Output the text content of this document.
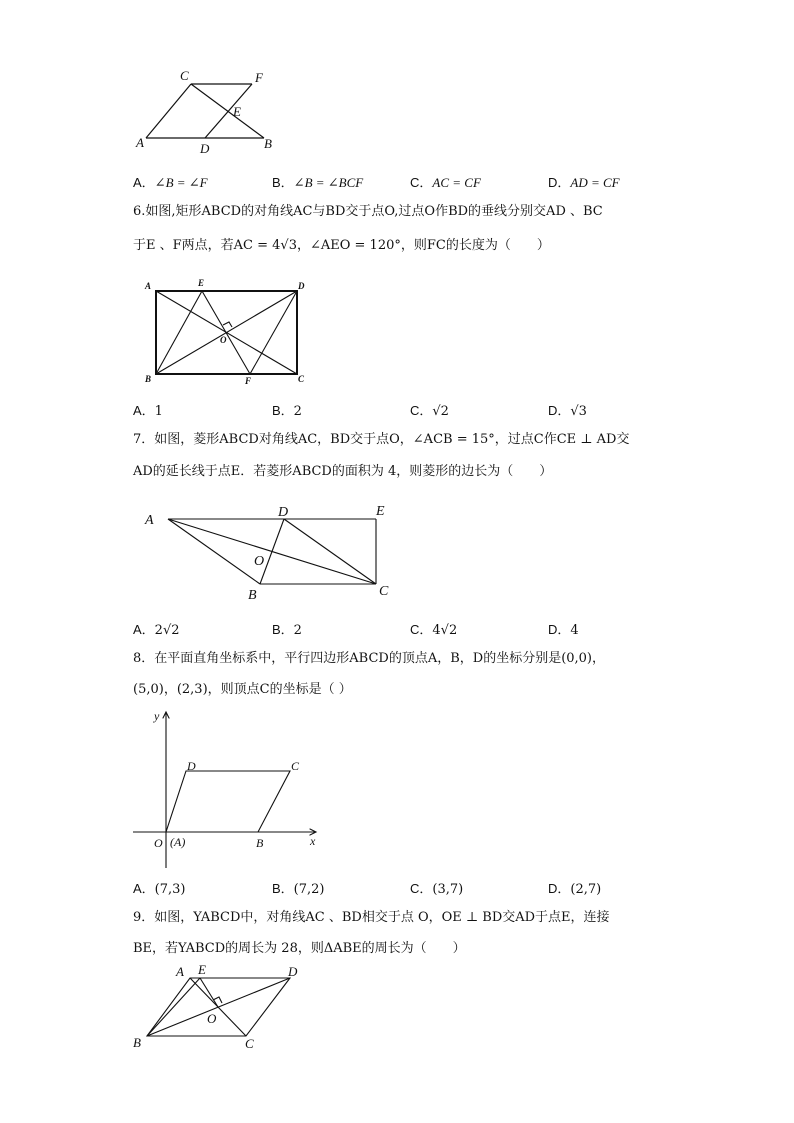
C	F
E
A	D	B
A．∠B = ∠F	B．∠B = ∠BCF	C．AC = CF	D．AD = CF
6.如图,矩形ABCD的对角线AC与BD交于点O,过点O作BD的垂线分别交AD 、BC
于E 、F两点，若AC = 4√3，∠AEO = 120°，则FC的长度为（　　）
A	E	D
O
B	F	C
A．1	B．2	C．√2	D．√3
7．如图，菱形ABCD对角线AC，BD交于点O，∠ACB = 15°，过点C作CE ⊥ AD交
AD的延长线于点E．若菱形ABCD的面积为 4，则菱形的边长为（　　）
A
D	E
O
B	C
A．2√2	B．2	C．4√2	D．4
8．在平面直角坐标系中，平行四边形ABCD的顶点A，B，D的坐标分别是(0,0)，
(5,0)，(2,3)，则顶点C的坐标是（ ）
y
x
D	C
O (A)	B
A．(7,3)	B．(7,2)	C．(3,7)	D．(2,7)
9．如图，YABCD中，对角线AC 、BD相交于点 O，OE ⊥ BD交AD于点E，连接
BE，若YABCD的周长为 28，则ΔABE的周长为（　　）
A E	D
O
B	C
